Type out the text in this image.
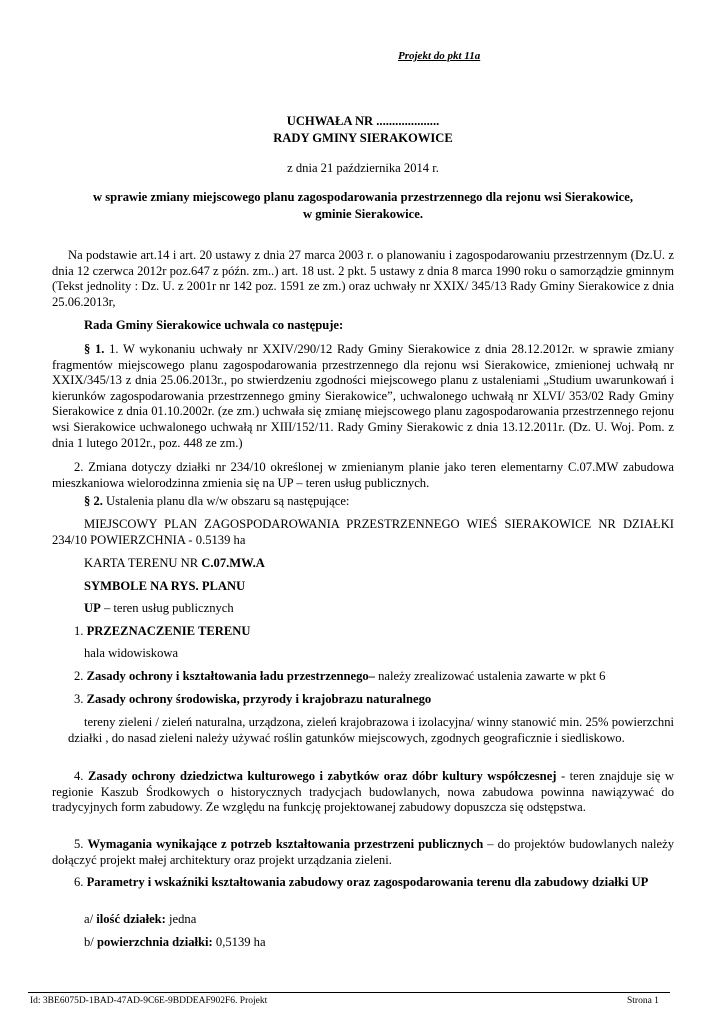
Projekt do pkt 11a
UCHWAŁA NR ....................
RADY GMINY SIERAKOWICE
z dnia 21 października 2014 r.
w sprawie zmiany miejscowego planu zagospodarowania przestrzennego dla rejonu wsi Sierakowice,
w gminie Sierakowice.

Na podstawie art.14 i art. 20 ustawy z dnia 27 marca 2003 r. o planowaniu i zagospodarowaniu przestrzennym (Dz.U. z dnia 12 czerwca 2012r poz.647 z późn. zm..) art. 18 ust. 2 pkt. 5 ustawy z dnia 8 marca 1990 roku o samorządzie gminnym (Tekst jednolity : Dz. U. z 2001r nr 142 poz. 1591 ze zm.) oraz uchwały nr XXIX/ 345/13 Rady Gminy Sierakowice z dnia 25.06.2013r,

Rada Gminy Sierakowice uchwala co następuje:

§ 1. 1. W wykonaniu uchwały nr XXIV/290/12 Rady Gminy Sierakowice z dnia 28.12.2012r. w sprawie zmiany fragmentów miejscowego planu zagospodarowania przestrzennego dla rejonu wsi Sierakowice, zmienionej uchwałą nr XXIX/345/13 z dnia 25.06.2013r., po stwierdzeniu zgodności miejscowego planu z ustaleniami „Studium uwarunkowań i kierunków zagospodarowania przestrzennego gminy Sierakowice”, uchwalonego uchwałą nr XLVI/ 353/02 Rady Gminy Sierakowice z dnia 01.10.2002r. (ze zm.) uchwała się zmianę miejscowego planu zagospodarowania przestrzennego rejonu wsi Sierakowice uchwalonego uchwałą nr XIII/152/11. Rady Gminy Sierakowic z dnia 13.12.2011r. (Dz. U. Woj. Pom. z dnia 1 lutego 2012r., poz. 448 ze zm.)

2. Zmiana dotyczy działki nr 234/10 określonej w zmienianym planie jako teren elementarny C.07.MW zabudowa mieszkaniowa wielorodzinna zmienia się na UP – teren usług publicznych.

§ 2. Ustalenia planu dla w/w obszaru są następujące:

MIEJSCOWY PLAN ZAGOSPODAROWANIA PRZESTRZENNEGO WIEŚ SIERAKOWICE NR DZIAŁKI 234/10 POWIERZCHNIA - 0.5139 ha

KARTA TERENU NR C.07.MW.A

SYMBOLE NA RYS. PLANU

UP – teren usług publicznych

1. PRZEZNACZENIE TERENU

hala widowiskowa

2. Zasady ochrony i kształtowania ładu przestrzennego– należy zrealizować ustalenia zawarte w pkt 6

3. Zasady ochrony środowiska, przyrody i krajobrazu naturalnego

tereny zieleni / zieleń naturalna, urządzona, zieleń krajobrazowa i izolacyjna/ winny stanowić min. 25% powierzchni działki , do nasad zieleni należy używać roślin gatunków miejscowych, zgodnych geograficznie i siedliskowo.

4. Zasady ochrony dziedzictwa kulturowego i zabytków oraz dóbr kultury współczesnej - teren znajduje się w regionie Kaszub Środkowych o historycznych tradycjach budowlanych, nowa zabudowa powinna nawiązywać do tradycyjnych form zabudowy. Ze względu na funkcję projektowanej zabudowy dopuszcza się odstępstwa.

5. Wymagania wynikające z potrzeb kształtowania przestrzeni publicznych – do projektów budowlanych należy dołączyć projekt małej architektury oraz projekt urządzania zieleni.

6. Parametry i wskaźniki kształtowania zabudowy oraz zagospodarowania terenu dla zabudowy działki UP

a/ ilość działek: jedna

b/ powierzchnia działki: 0,5139 ha

Id: 3BE6075D-1BAD-47AD-9C6E-9BDDEAF902F6. Projekt	Strona 1
